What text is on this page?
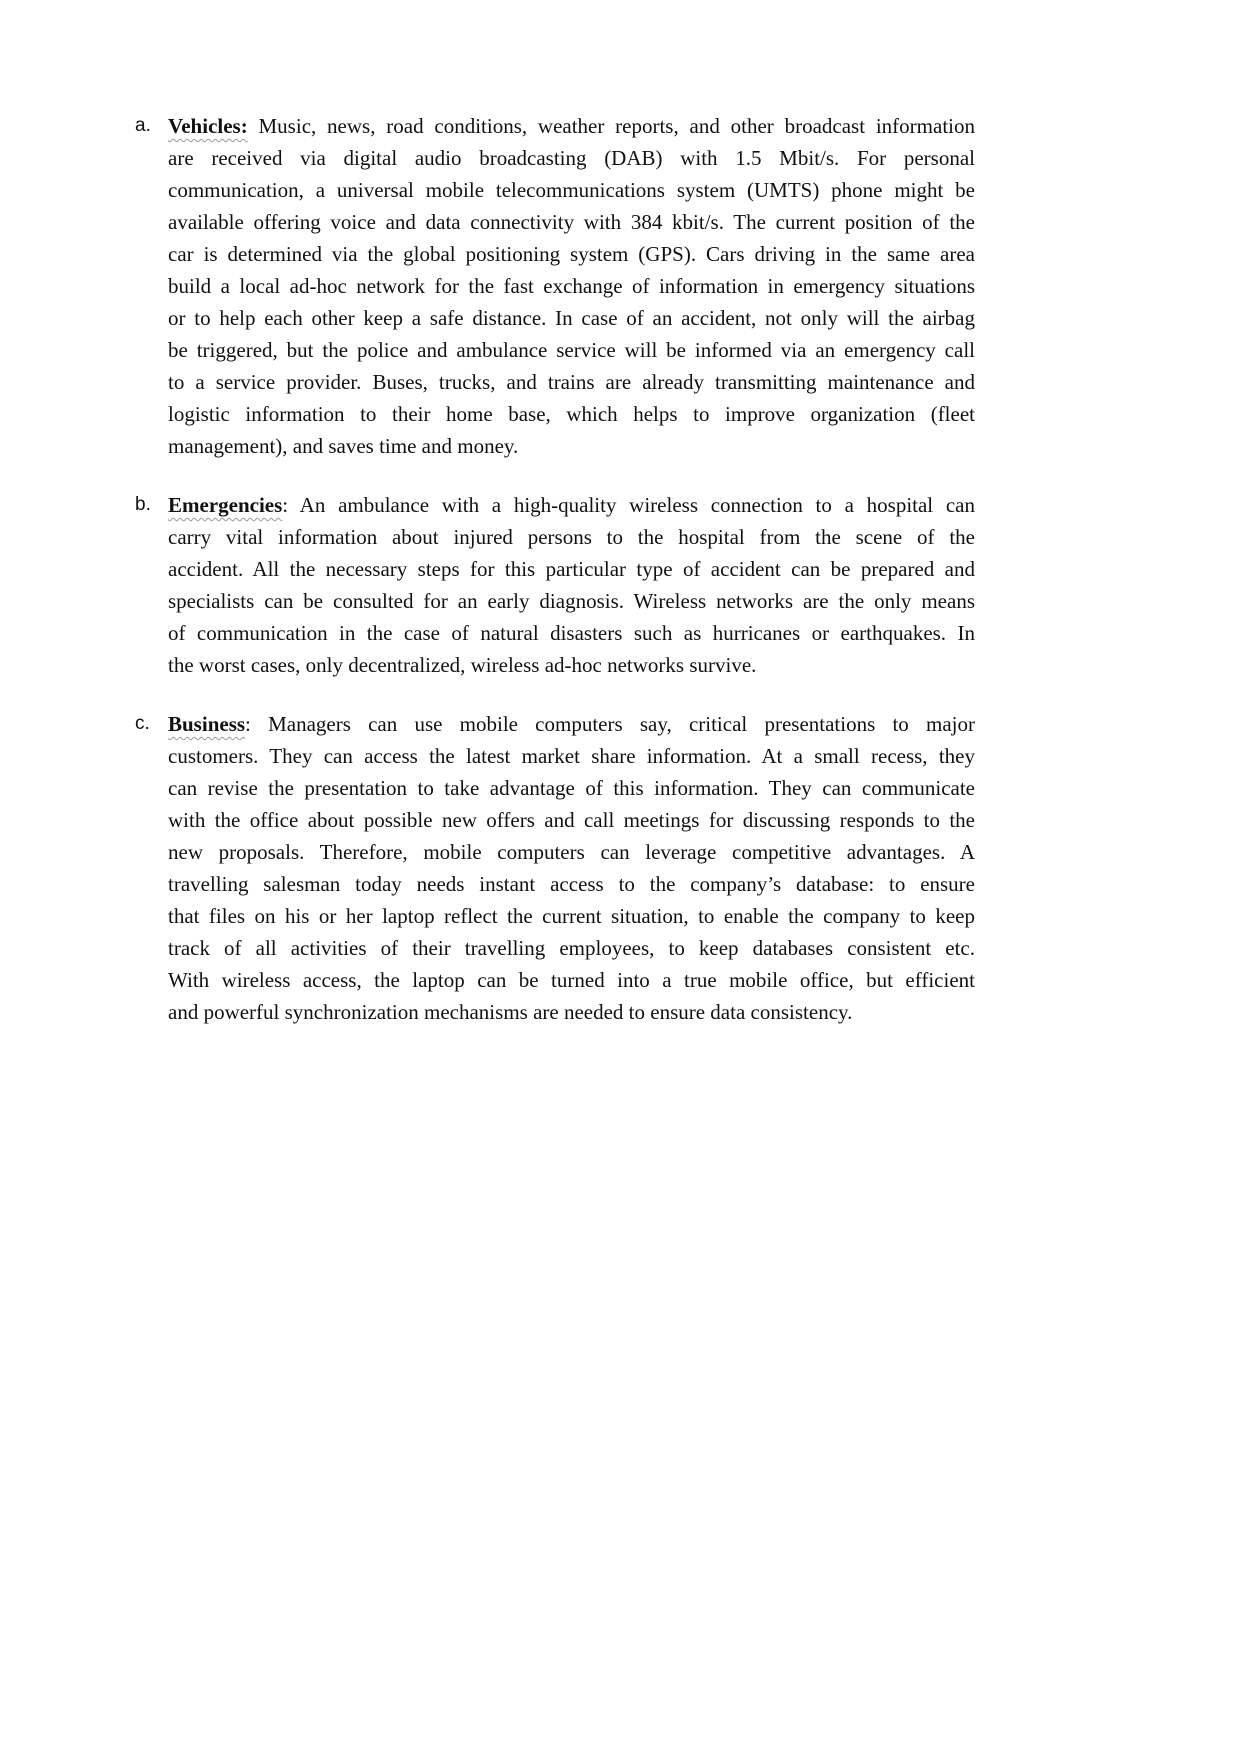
a. Vehicles: Music, news, road conditions, weather reports, and other broadcast information
are received via digital audio broadcasting (DAB) with 1.5 Mbit/s. For personal
communication, a universal mobile telecommunications system (UMTS) phone might be
available offering voice and data connectivity with 384 kbit/s. The current position of the
car is determined via the global positioning system (GPS). Cars driving in the same area
build a local ad-hoc network for the fast exchange of information in emergency situations
or to help each other keep a safe distance. In case of an accident, not only will the airbag
be triggered, but the police and ambulance service will be informed via an emergency call
to a service provider. Buses, trucks, and trains are already transmitting maintenance and
logistic information to their home base, which helps to improve organization (fleet
management), and saves time and money.
b. Emergencies: An ambulance with a high-quality wireless connection to a hospital can
carry vital information about injured persons to the hospital from the scene of the
accident. All the necessary steps for this particular type of accident can be prepared and
specialists can be consulted for an early diagnosis. Wireless networks are the only means
of communication in the case of natural disasters such as hurricanes or earthquakes. In
the worst cases, only decentralized, wireless ad-hoc networks survive.
c. Business: Managers can use mobile computers say, critical presentations to major
customers. They can access the latest market share information. At a small recess, they
can revise the presentation to take advantage of this information. They can communicate
with the office about possible new offers and call meetings for discussing responds to the
new proposals. Therefore, mobile computers can leverage competitive advantages. A
travelling salesman today needs instant access to the company’s database: to ensure
that files on his or her laptop reflect the current situation, to enable the company to keep
track of all activities of their travelling employees, to keep databases consistent etc.
With wireless access, the laptop can be turned into a true mobile office, but efficient
and powerful synchronization mechanisms are needed to ensure data consistency.
